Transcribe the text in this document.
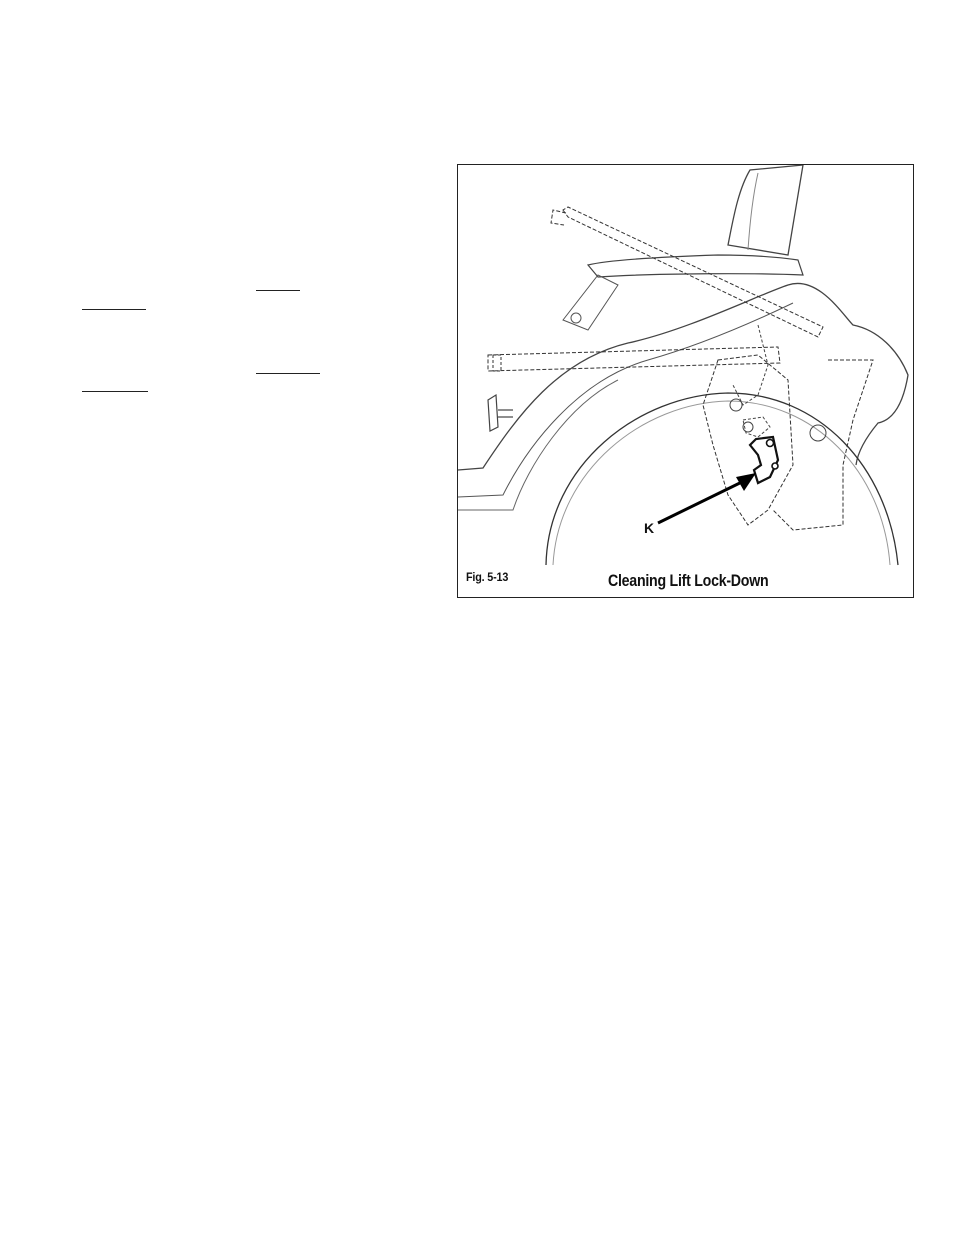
K
Fig. 5-13	Cleaning Lift Lock-Down
